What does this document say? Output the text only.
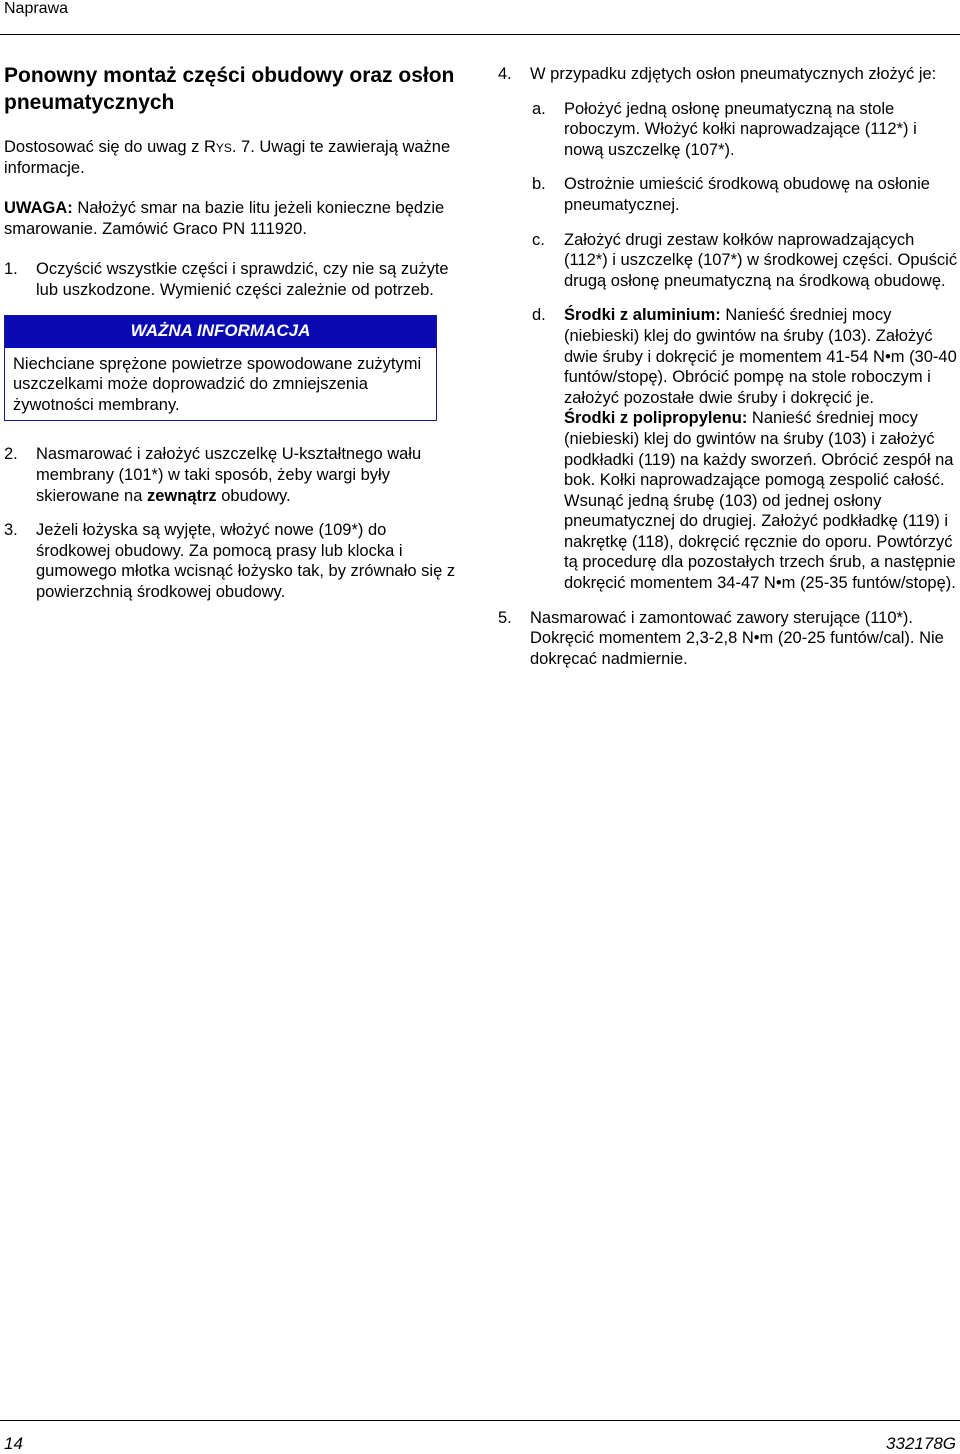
Naprawa
Ponowny montaż części obudowy oraz osłon pneumatycznych

Dostosować się do uwag z Rys. 7. Uwagi te zawierają ważne informacje.

UWAGA: Nałożyć smar na bazie litu jeżeli konieczne będzie smarowanie. Zamówić Graco PN 111920.

1.	Oczyścić wszystkie części i sprawdzić, czy nie są zużyte lub uszkodzone. Wymienić części zależnie od potrzeb.
WAŻNA INFORMACJA
Niechciane sprężone powietrze spowodowane zużytymi uszczelkami może doprowadzić do zmniejszenia żywotności membrany.
2.	Nasmarować i założyć uszczelkę U-kształtnego wału membrany (101*) w taki sposób, żeby wargi były skierowane na zewnątrz obudowy.
3.	Jeżeli łożyska są wyjęte, włożyć nowe (109*) do środkowej obudowy. Za pomocą prasy lub klocka i gumowego młotka wcisnąć łożysko tak, by zrównało się z powierzchnią środkowej obudowy.
4.	W przypadku zdjętych osłon pneumatycznych złożyć je:
a.	Położyć jedną osłonę pneumatyczną na stole roboczym. Włożyć kołki naprowadzające (112*) i nową uszczelkę (107*).
b.	Ostrożnie umieścić środkową obudowę na osłonie pneumatycznej.
c.	Założyć drugi zestaw kołków naprowadzających (112*) i uszczelkę (107*) w środkowej części. Opuścić drugą osłonę pneumatyczną na środkową obudowę.
d.	Środki z aluminium: Nanieść średniej mocy (niebieski) klej do gwintów na śruby (103). Założyć dwie śruby i dokręcić je momentem 41-54 N•m (30-40 funtów/stopę). Obrócić pompę na stole roboczym i założyć pozostałe dwie śruby i dokręcić je.
Środki z polipropylenu: Nanieść średniej mocy (niebieski) klej do gwintów na śruby (103) i założyć podkładki (119) na każdy sworzeń. Obrócić zespół na bok. Kołki naprowadzające pomogą zespolić całość. Wsunąć jedną śrubę (103) od jednej osłony pneumatycznej do drugiej. Założyć podkładkę (119) i nakrętkę (118), dokręcić ręcznie do oporu. Powtórzyć tą procedurę dla pozostałych trzech śrub, a następnie dokręcić momentem 34-47 N•m (25-35 funtów/stopę).
5.	Nasmarować i zamontować zawory sterujące (110*). Dokręcić momentem 2,3-2,8 N•m (20-25 funtów/cal). Nie dokręcać nadmiernie.
14	332178G
